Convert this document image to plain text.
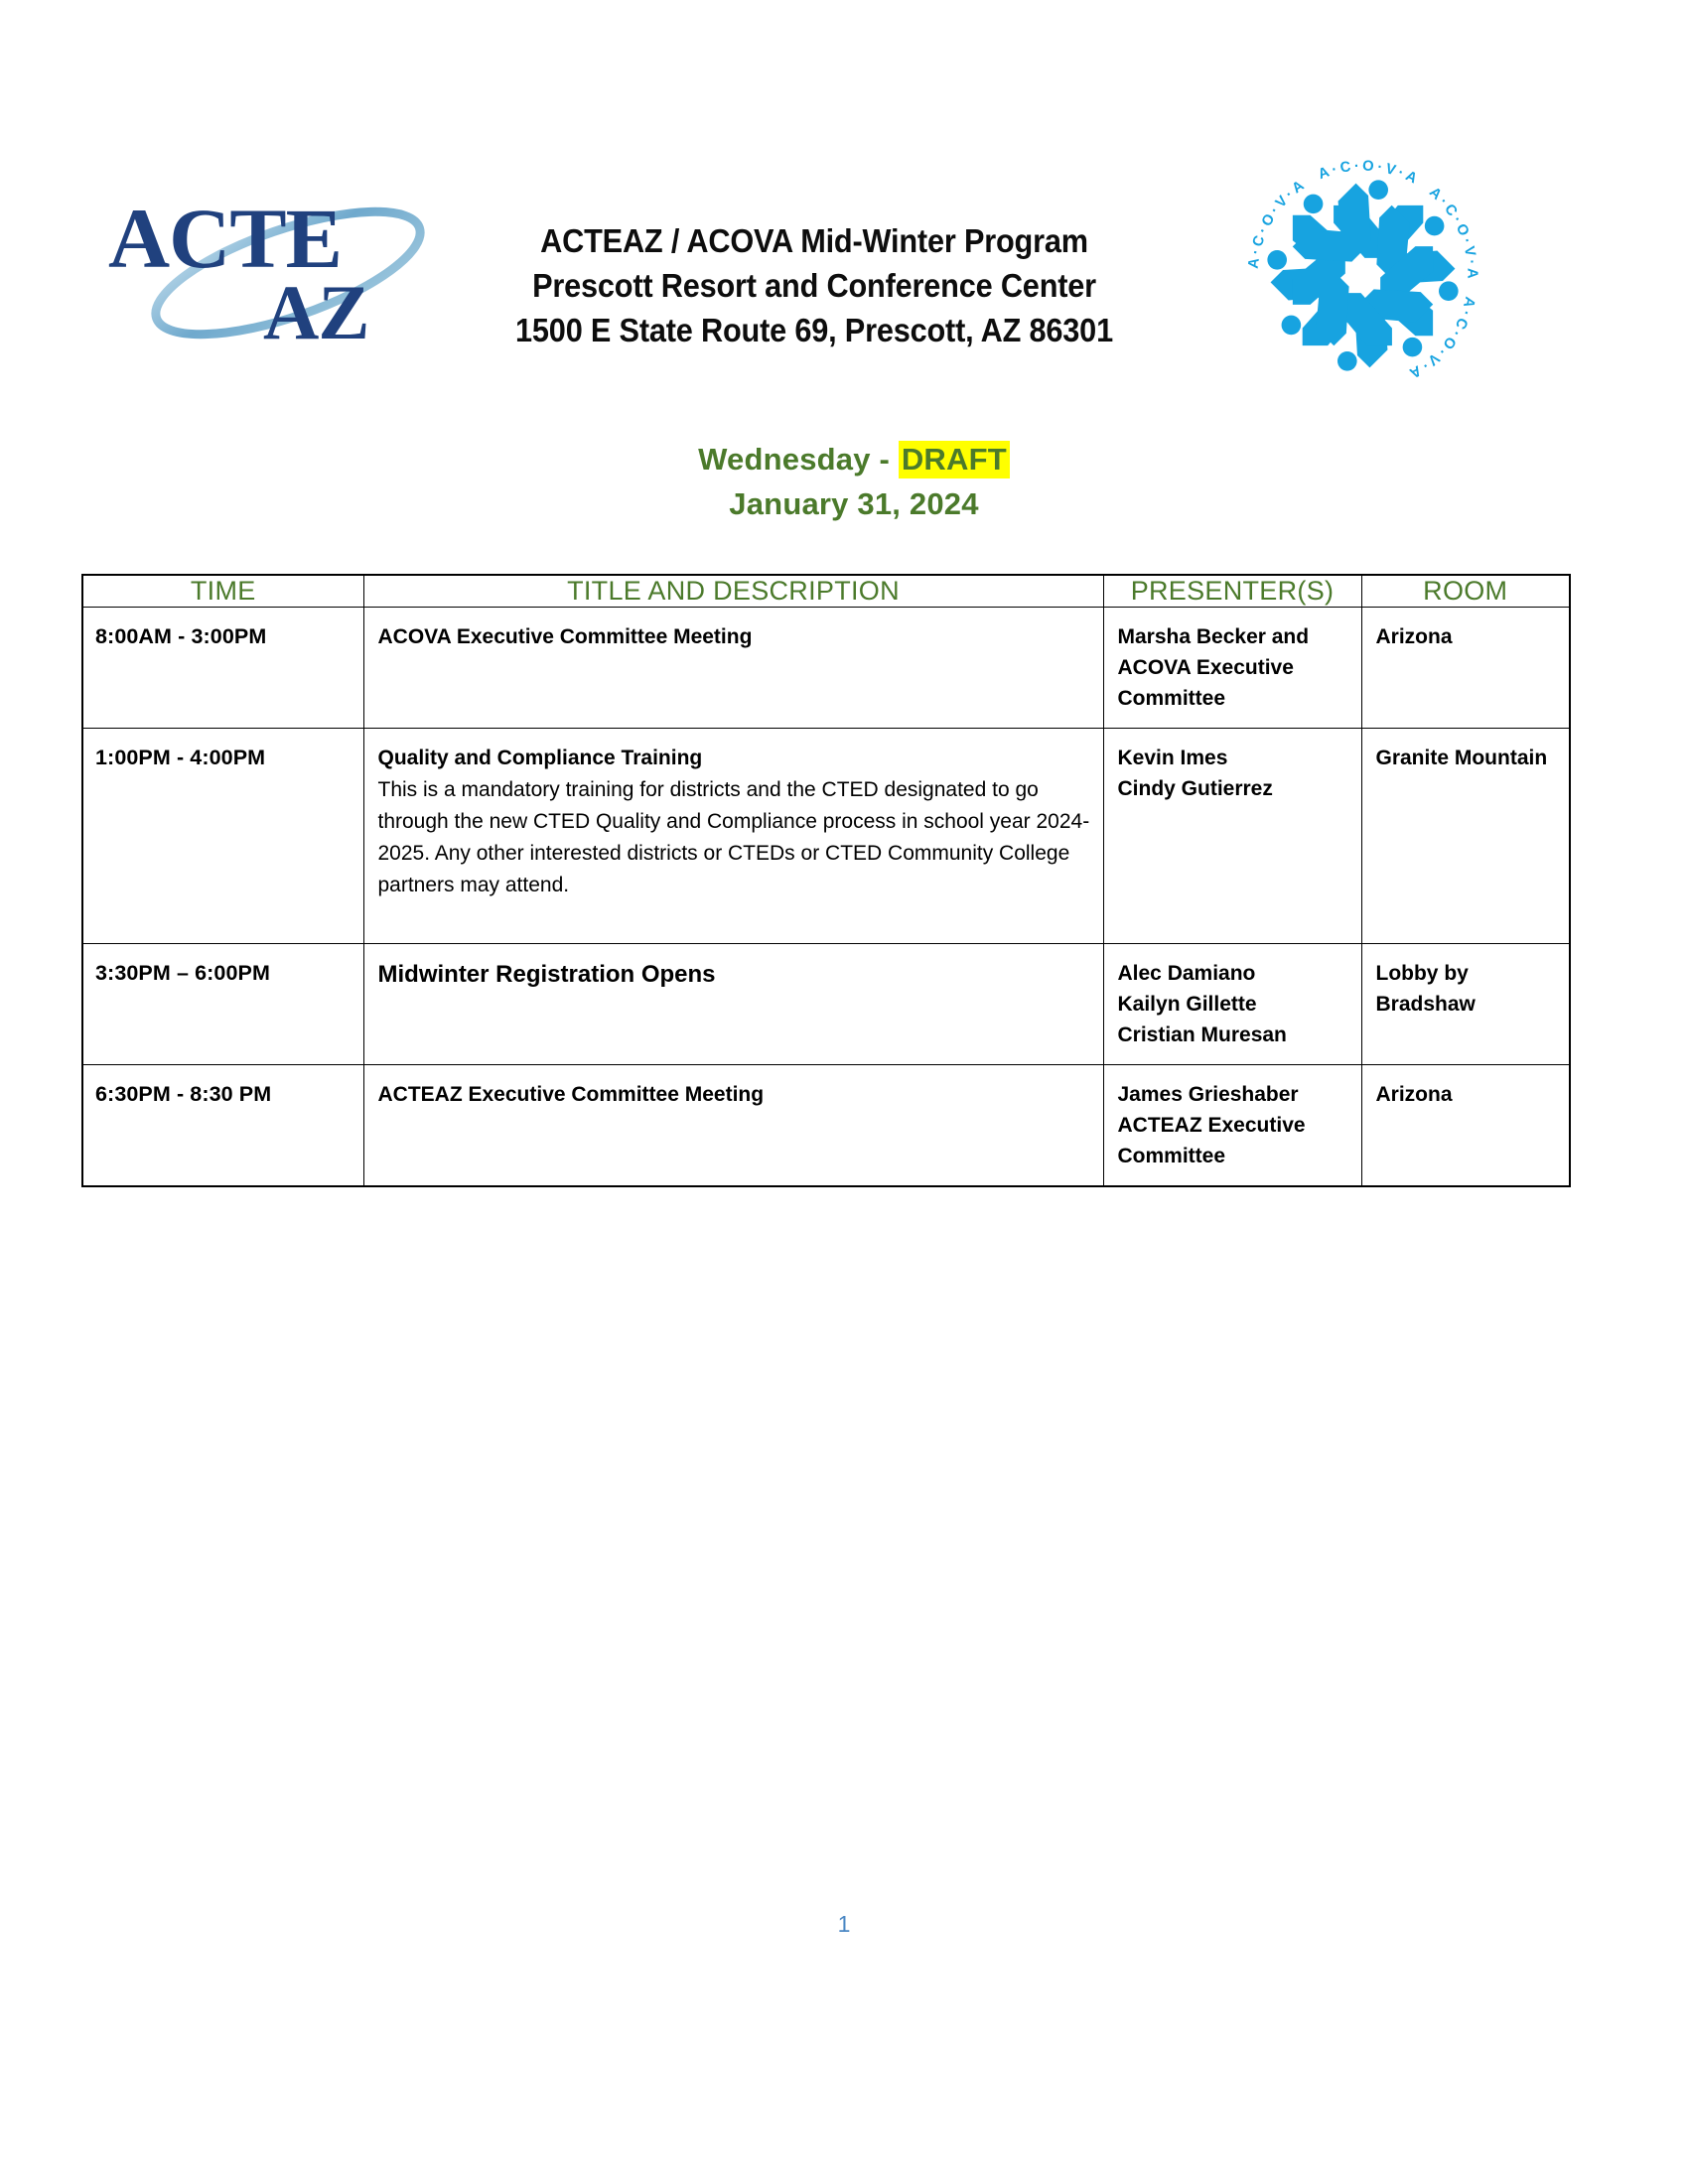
ACTE
AZ
ACTEAZ / ACOVA Mid-Winter Program
Prescott Resort and Conference Center
1500 E State Route 69, Prescott, AZ 86301
A·C·O·V·A  A·C·O·V·A  A·C·O·V·A  A·C·O·V·A
Wednesday - DRAFT
January 31, 2024
TIME	TITLE AND DESCRIPTION	PRESENTER(S)	ROOM
8:00AM - 3:00PM	ACOVA Executive Committee Meeting	Marsha Becker and
ACOVA Executive
Committee	Arizona
1:00PM - 4:00PM	Quality and Compliance Training
This is a mandatory training for districts and the CTED designated to go through the new CTED Quality and Compliance process in school year 2024-2025. Any other interested districts or CTEDs or CTED Community College partners may attend.	Kevin Imes
Cindy Gutierrez	Granite Mountain
3:30PM – 6:00PM	Midwinter Registration Opens	Alec Damiano
Kailyn Gillette
Cristian Muresan	Lobby by Bradshaw
6:30PM - 8:30 PM	ACTEAZ Executive Committee Meeting	James Grieshaber
ACTEAZ Executive
Committee	Arizona
1
